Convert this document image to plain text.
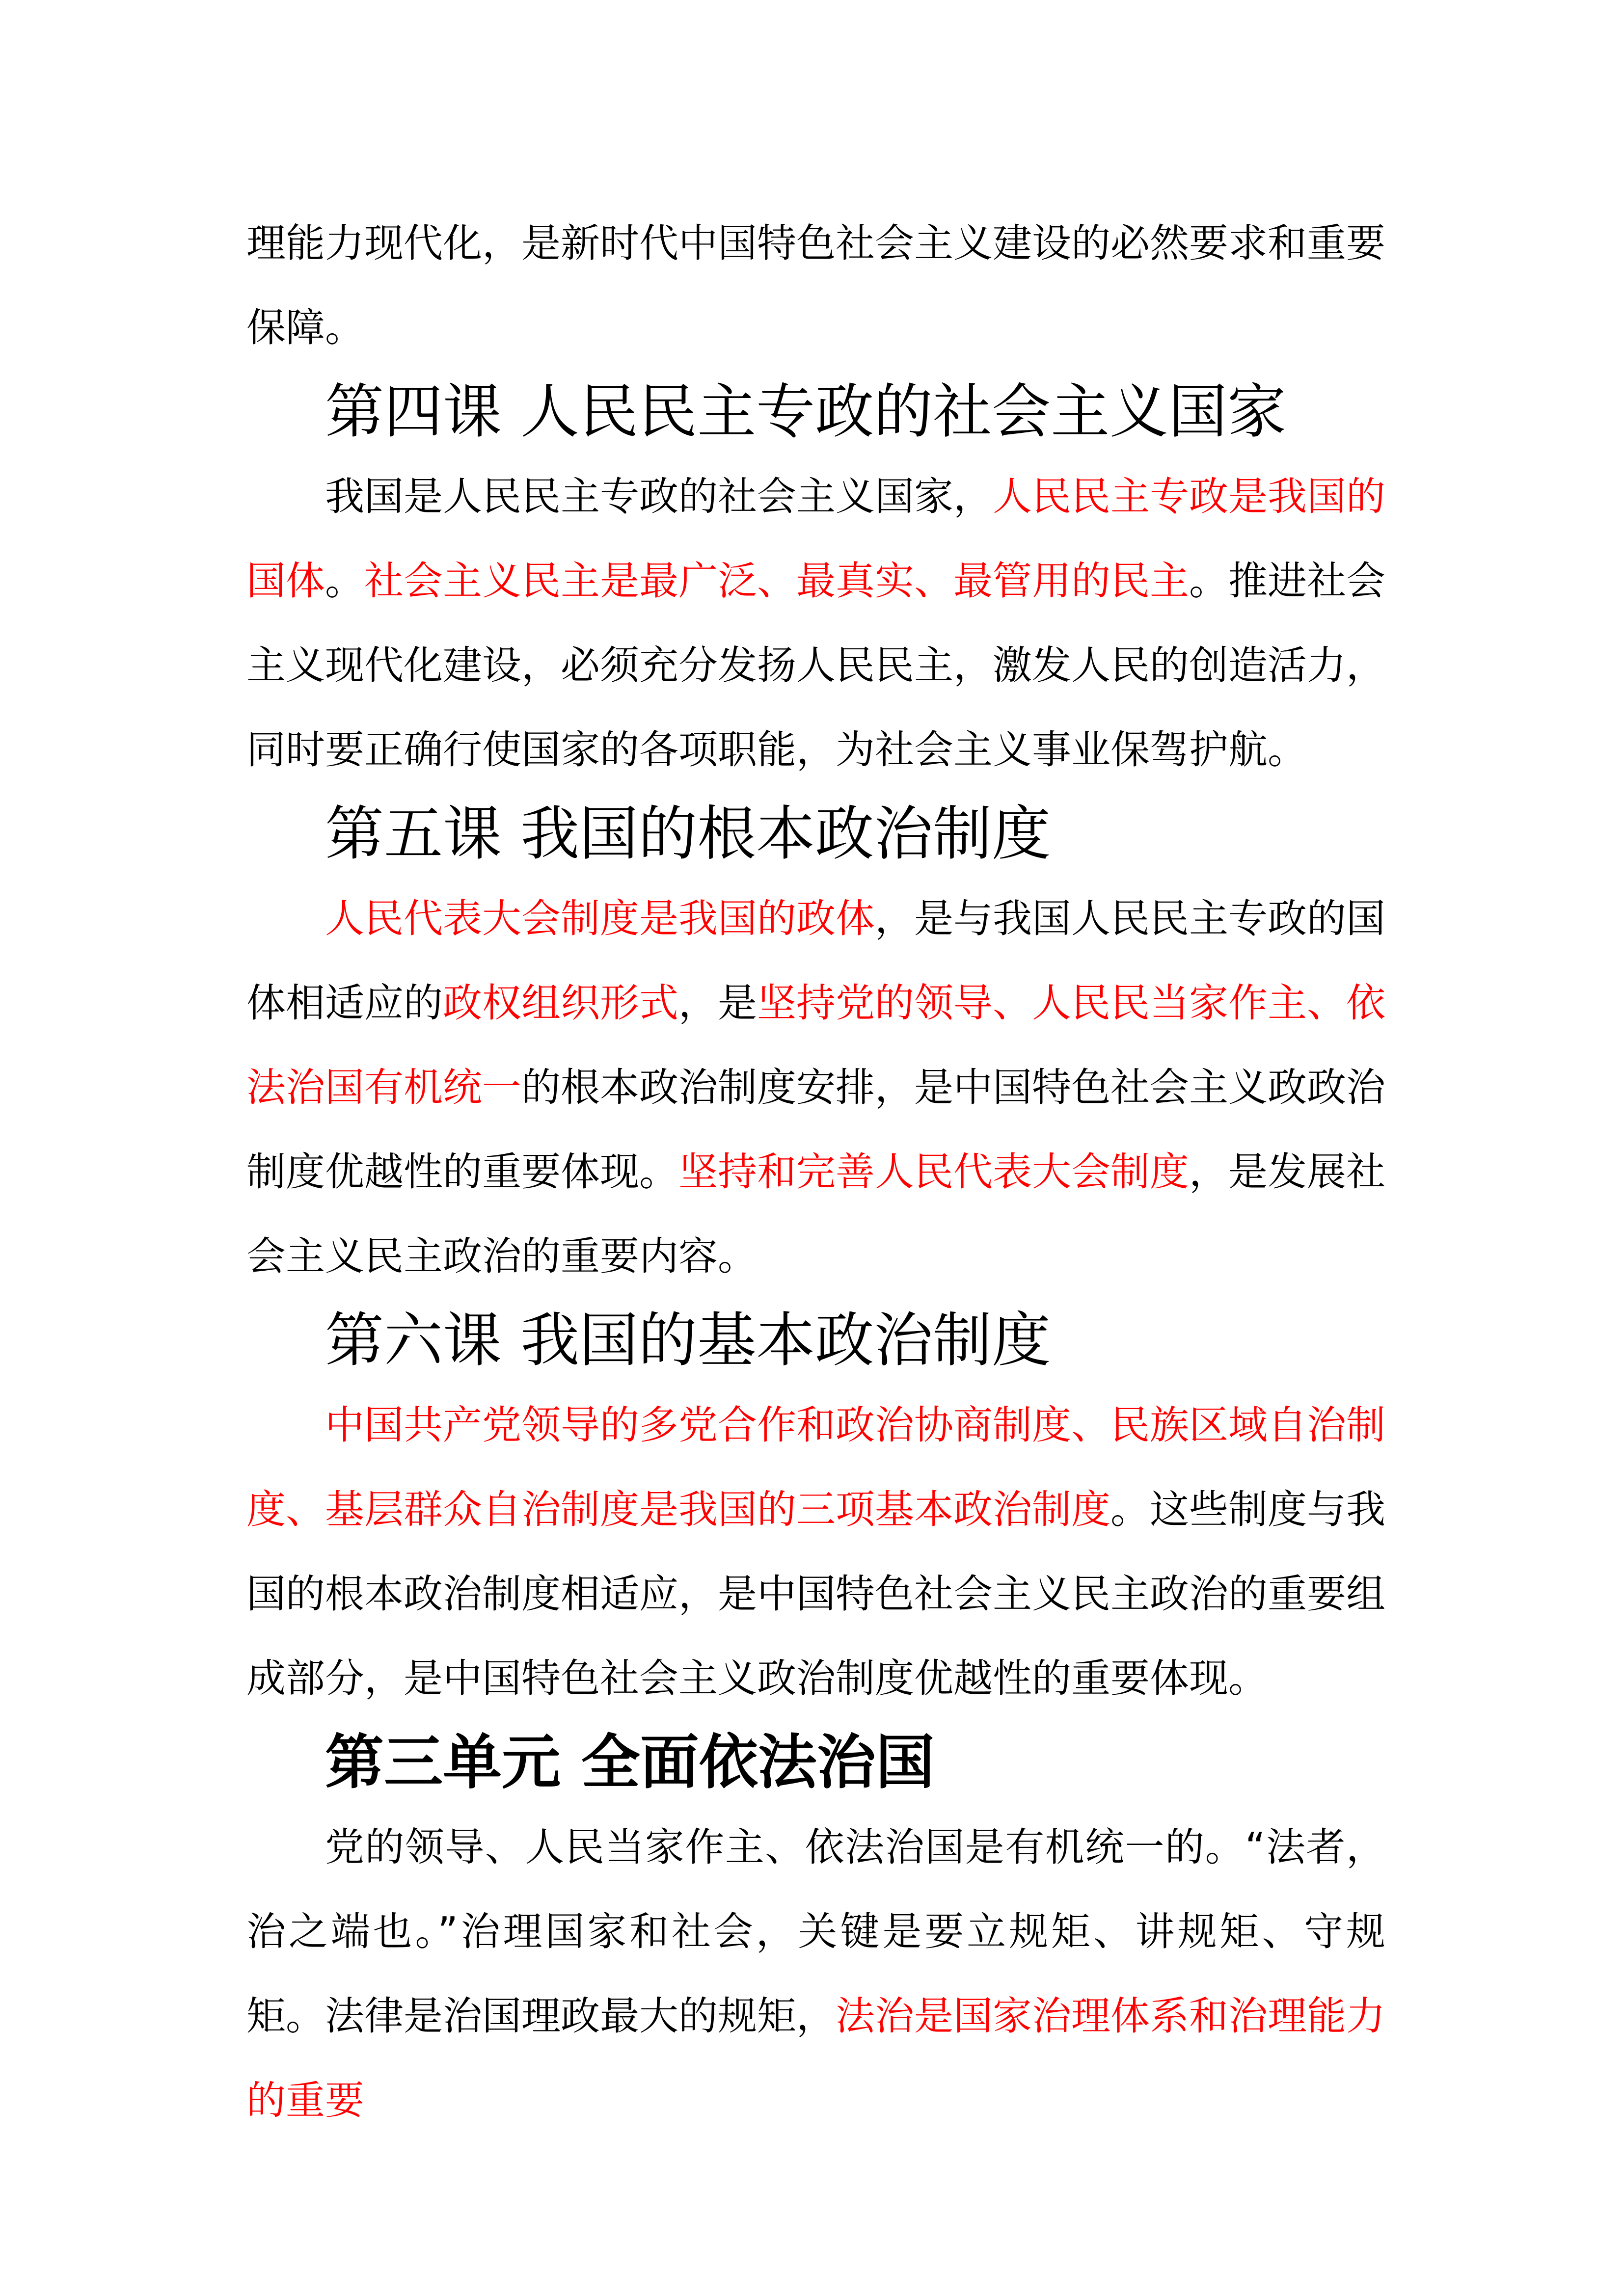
理能力现代化，是新时代中国特色社会主义建设的必然要求和重要保障。

第四课 人民民主专政的社会主义国家

我国是人民民主专政的社会主义国家，人民民主专政是我国的国体。社会主义民主是最广泛、最真实、最管用的民主。推进社会主义现代化建设，必须充分发扬人民民主，激发人民的创造活力，同时要正确行使国家的各项职能，为社会主义事业保驾护航。

第五课 我国的根本政治制度

人民代表大会制度是我国的政体，是与我国人民民主专政的国体相适应的政权组织形式，是坚持党的领导、人民民当家作主、依法治国有机统一的根本政治制度安排，是中国特色社会主义政政治制度优越性的重要体现。坚持和完善人民代表大会制度，是发展社会主义民主政治的重要内容。

第六课 我国的基本政治制度

中国共产党领导的多党合作和政治协商制度、民族区域自治制度、基层群众自治制度是我国的三项基本政治制度。这些制度与我国的根本政治制度相适应，是中国特色社会主义民主政治的重要组成部分，是中国特色社会主义政治制度优越性的重要体现。

第三单元 全面依法治国

党的领导、人民当家作主、依法治国是有机统一的。“法者，治之端也。”治理国家和社会，关键是要立规矩、讲规矩、守规矩。法律是治国理政最大的规矩，法治是国家治理体系和治理能力的重要
